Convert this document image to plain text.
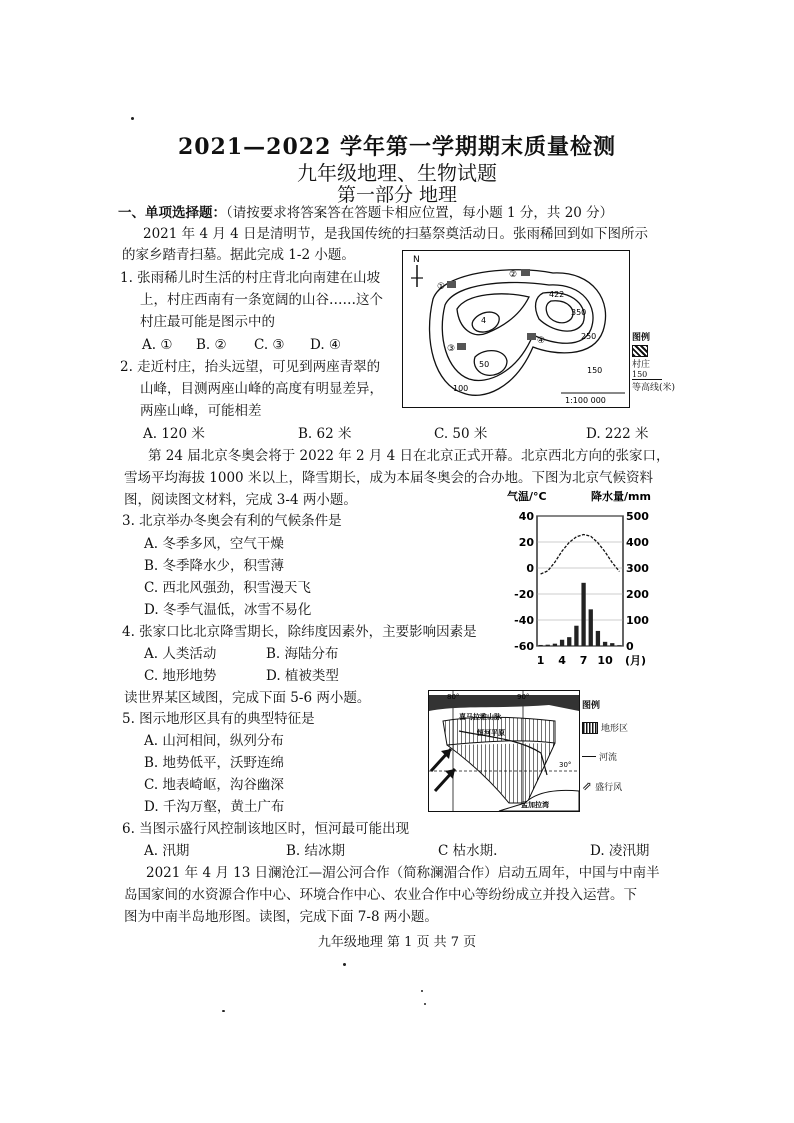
2021—2022 学年第一学期期末质量检测
九年级地理、生物试题
第一部分 地理
一、单项选择题：（请按要求将答案答在答题卡相应位置，每小题 1 分，共 20 分）
2021 年 4 月 4 日是清明节，是我国传统的扫墓祭奠活动日。张雨稀回到如下图所示
的家乡踏青扫墓。据此完成 1-2 小题。
1. 张雨稀儿时生活的村庄背北向南建在山坡
上，村庄西南有一条宽阔的山谷……这个
村庄最可能是图示中的
A. ① B. ② C. ③ D. ④
2. 走近村庄，抬头远望，可见到两座青翠的
山峰，目测两座山峰的高度有明显差异，
两座山峰，可能相差
A. 120 米	B. 62 米	C. 50 米	D. 222 米
N
422
350
250
150
100
50
4
①
②
③
④
1:100 000
图例
村庄
150
等高线(米)
第 24 届北京冬奥会将于 2022 年 2 月 4 日在北京正式开幕。北京西北方向的张家口，
雪场平均海拔 1000 米以上，降雪期长，成为本届冬奥会的合办地。下图为北京气候资料
图，阅读图文材料，完成 3-4 两小题。
3. 北京举办冬奥会有利的气候条件是
A. 冬季多风，空气干燥
B. 冬季降水少，积雪薄
C. 西北风强劲，积雪漫天飞
D. 冬季气温低，冰雪不易化
4. 张家口比北京降雪期长，除纬度因素外，主要影响因素是
A. 人类活动	B. 海陆分布
C. 地形地势	D. 植被类型
气温/°C	降水量/mm
40
20
0
-20
-40
-60
500
400
300
200
100
0
1 4 7 10 (月)
读世界某区域图，完成下面 5-6 两小题。
5. 图示地形区具有的典型特征是
A. 山河相间，纵列分布
B. 地势低平，沃野连绵
C. 地表崎岖，沟谷幽深
D. 千沟万壑，黄土广布
80°	90°
30°
喜马拉雅山脉
恒河平原
孟加拉湾
图例
地形区
河流
⇗ 盛行风
6. 当图示盛行风控制该地区时，恒河最可能出现
A. 汛期	B. 结冰期	C 枯水期.	D. 凌汛期
2021 年 4 月 13 日澜沧江—湄公河合作（简称澜湄合作）启动五周年，中国与中南半
岛国家间的水资源合作中心、环境合作中心、农业合作中心等纷纷成立并投入运营。下
图为中南半岛地形图。读图，完成下面 7-8 两小题。
九年级地理 第 1 页 共 7 页
